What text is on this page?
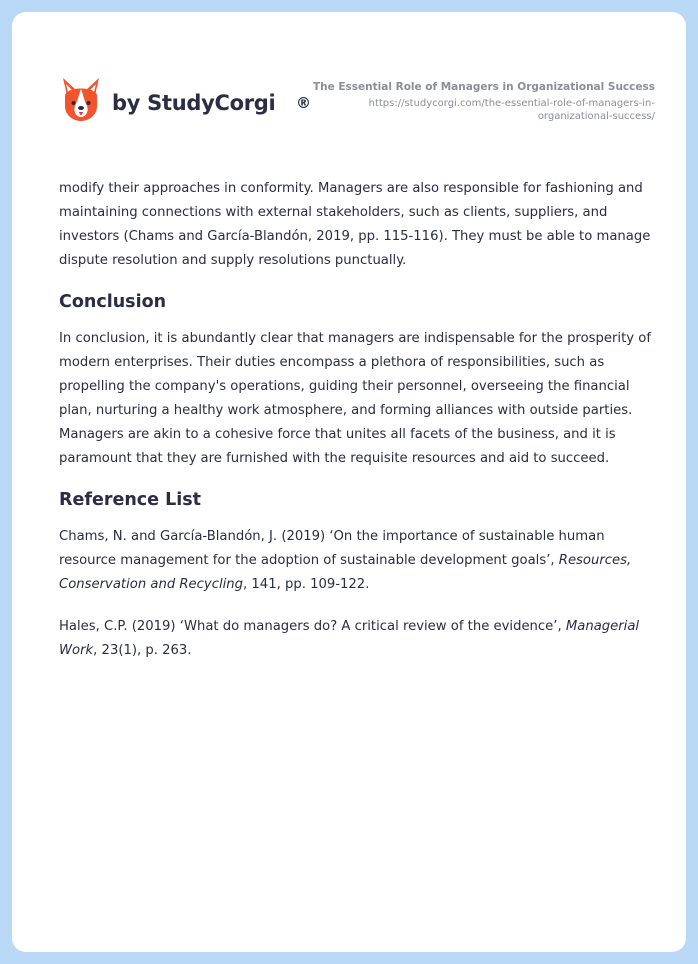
by StudyCorgi ®
The Essential Role of Managers in Organizational Success
https://studycorgi.com/the-essential-role-of-managers-in-
organizational-success/

modify their approaches in conformity. Managers are also responsible for fashioning and maintaining connections with external stakeholders, such as clients, suppliers, and investors (Chams and García-Blandón, 2019, pp. 115-116). They must be able to manage dispute resolution and supply resolutions punctually.

Conclusion

In conclusion, it is abundantly clear that managers are indispensable for the prosperity of modern enterprises. Their duties encompass a plethora of responsibilities, such as propelling the company's operations, guiding their personnel, overseeing the financial plan, nurturing a healthy work atmosphere, and forming alliances with outside parties. Managers are akin to a cohesive force that unites all facets of the business, and it is paramount that they are furnished with the requisite resources and aid to succeed.

Reference List

Chams, N. and García-Blandón, J. (2019) ‘On the importance of sustainable human resource management for the adoption of sustainable development goals’, Resources, Conservation and Recycling, 141, pp. 109-122.

Hales, C.P. (2019) ‘What do managers do? A critical review of the evidence’, Managerial Work, 23(1), p. 263.
